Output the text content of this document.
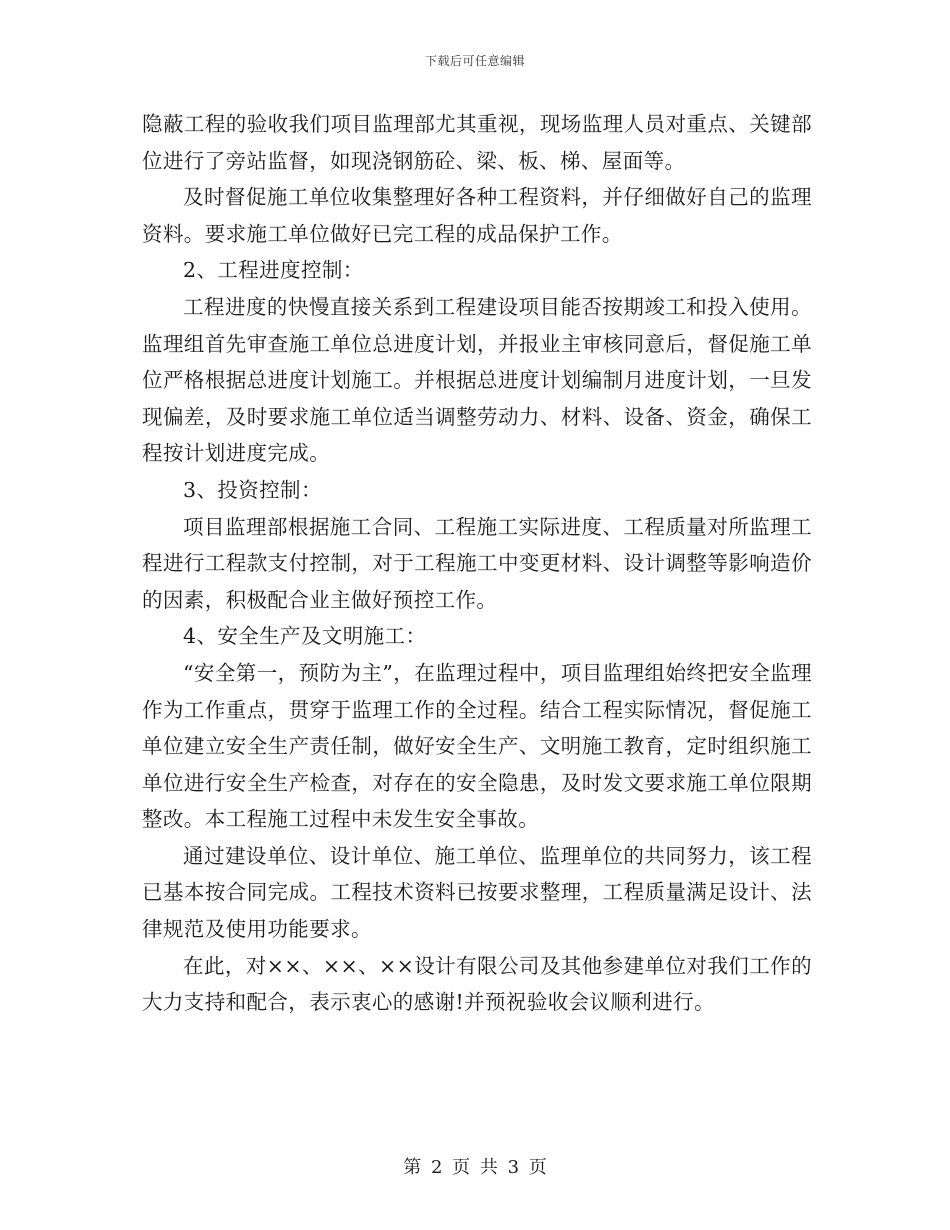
下载后可任意编辑

隐蔽工程的验收我们项目监理部尤其重视，现场监理人员对重点、关键部位进行了旁站监督，如现浇钢筋砼、梁、板、梯、屋面等。

及时督促施工单位收集整理好各种工程资料，并仔细做好自己的监理资料。要求施工单位做好已完工程的成品保护工作。

2、工程进度控制：

工程进度的快慢直接关系到工程建设项目能否按期竣工和投入使用。监理组首先审查施工单位总进度计划，并报业主审核同意后，督促施工单位严格根据总进度计划施工。并根据总进度计划编制月进度计划，一旦发现偏差，及时要求施工单位适当调整劳动力、材料、设备、资金，确保工程按计划进度完成。

3、投资控制：

项目监理部根据施工合同、工程施工实际进度、工程质量对所监理工程进行工程款支付控制，对于工程施工中变更材料、设计调整等影响造价的因素，积极配合业主做好预控工作。

4、安全生产及文明施工：

“安全第一，预防为主”，在监理过程中，项目监理组始终把安全监理作为工作重点，贯穿于监理工作的全过程。结合工程实际情况，督促施工单位建立安全生产责任制，做好安全生产、文明施工教育，定时组织施工单位进行安全生产检查，对存在的安全隐患，及时发文要求施工单位限期整改。本工程施工过程中未发生安全事故。

通过建设单位、设计单位、施工单位、监理单位的共同努力，该工程已基本按合同完成。工程技术资料已按要求整理，工程质量满足设计、法律规范及使用功能要求。

在此，对××、××、××设计有限公司及其他参建单位对我们工作的大力支持和配合，表示衷心的感谢!并预祝验收会议顺利进行。

第 2 页 共 3 页
